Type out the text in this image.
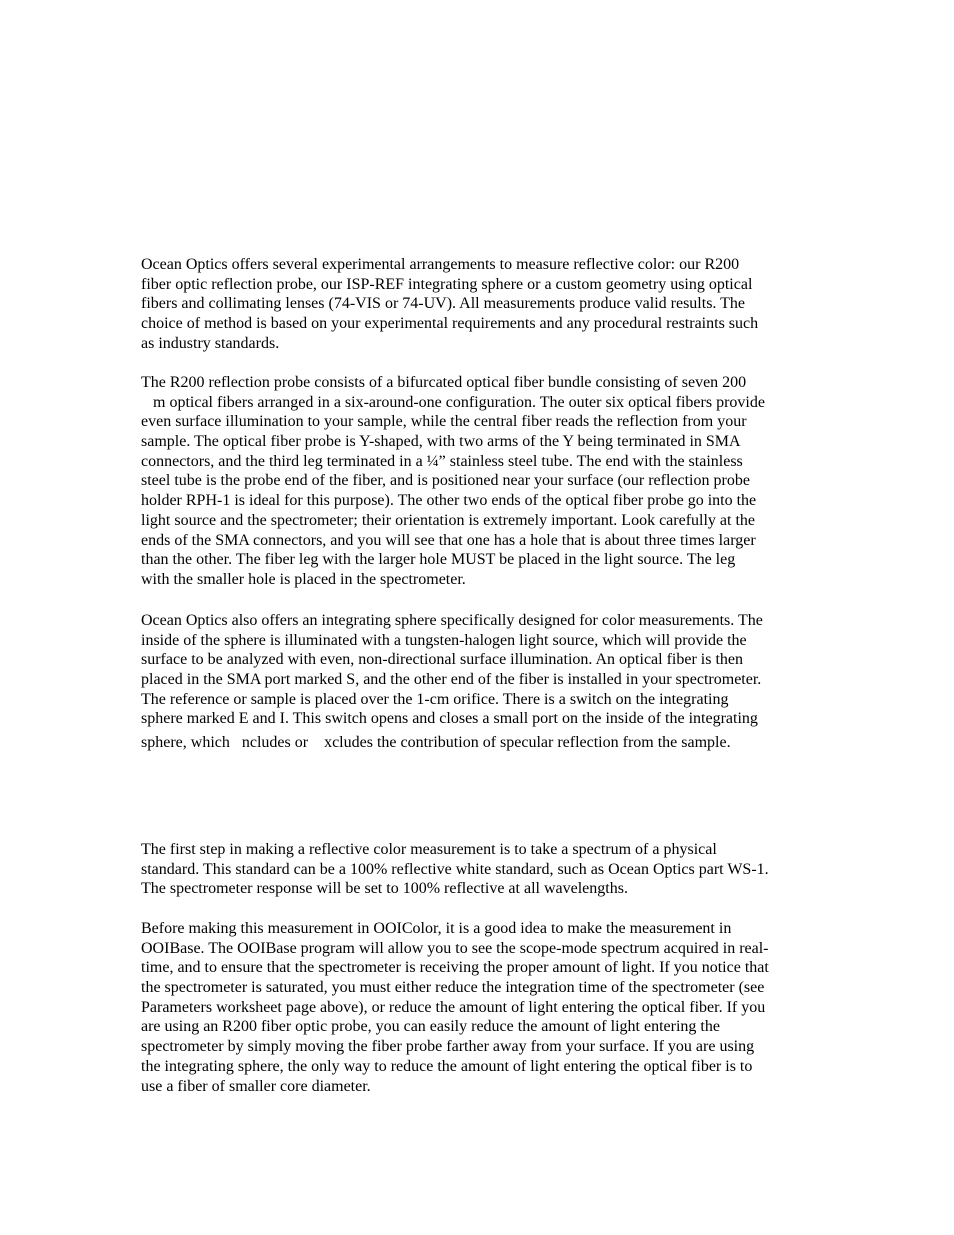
Ocean Optics offers several experimental arrangements to measure reflective color: our R200
fiber optic reflection probe, our ISP-REF integrating sphere or a custom geometry using optical
fibers and collimating lenses (74-VIS or 74-UV). All measurements produce valid results. The
choice of method is based on your experimental requirements and any procedural restraints such
as industry standards.

The R200 reflection probe consists of a bifurcated optical fiber bundle consisting of seven 200
m optical fibers arranged in a six-around-one configuration. The outer six optical fibers provide
even surface illumination to your sample, while the central fiber reads the reflection from your
sample. The optical fiber probe is Y-shaped, with two arms of the Y being terminated in SMA
connectors, and the third leg terminated in a ¼” stainless steel tube. The end with the stainless
steel tube is the probe end of the fiber, and is positioned near your surface (our reflection probe
holder RPH-1 is ideal for this purpose). The other two ends of the optical fiber probe go into the
light source and the spectrometer; their orientation is extremely important. Look carefully at the
ends of the SMA connectors, and you will see that one has a hole that is about three times larger
than the other. The fiber leg with the larger hole MUST be placed in the light source. The leg
with the smaller hole is placed in the spectrometer.

Ocean Optics also offers an integrating sphere specifically designed for color measurements. The
inside of the sphere is illuminated with a tungsten-halogen light source, which will provide the
surface to be analyzed with even, non-directional surface illumination. An optical fiber is then
placed in the SMA port marked S, and the other end of the fiber is installed in your spectrometer.
The reference or sample is placed over the 1-cm orifice. There is a switch on the integrating
sphere marked E and I. This switch opens and closes a small port on the inside of the integrating
sphere, which   ncludes or    xcludes the contribution of specular reflection from the sample.

The first step in making a reflective color measurement is to take a spectrum of a physical
standard. This standard can be a 100% reflective white standard, such as Ocean Optics part WS-1.
The spectrometer response will be set to 100% reflective at all wavelengths.

Before making this measurement in OOIColor, it is a good idea to make the measurement in
OOIBase. The OOIBase program will allow you to see the scope-mode spectrum acquired in real-
time, and to ensure that the spectrometer is receiving the proper amount of light. If you notice that
the spectrometer is saturated, you must either reduce the integration time of the spectrometer (see
Parameters worksheet page above), or reduce the amount of light entering the optical fiber. If you
are using an R200 fiber optic probe, you can easily reduce the amount of light entering the
spectrometer by simply moving the fiber probe farther away from your surface. If you are using
the integrating sphere, the only way to reduce the amount of light entering the optical fiber is to
use a fiber of smaller core diameter.
